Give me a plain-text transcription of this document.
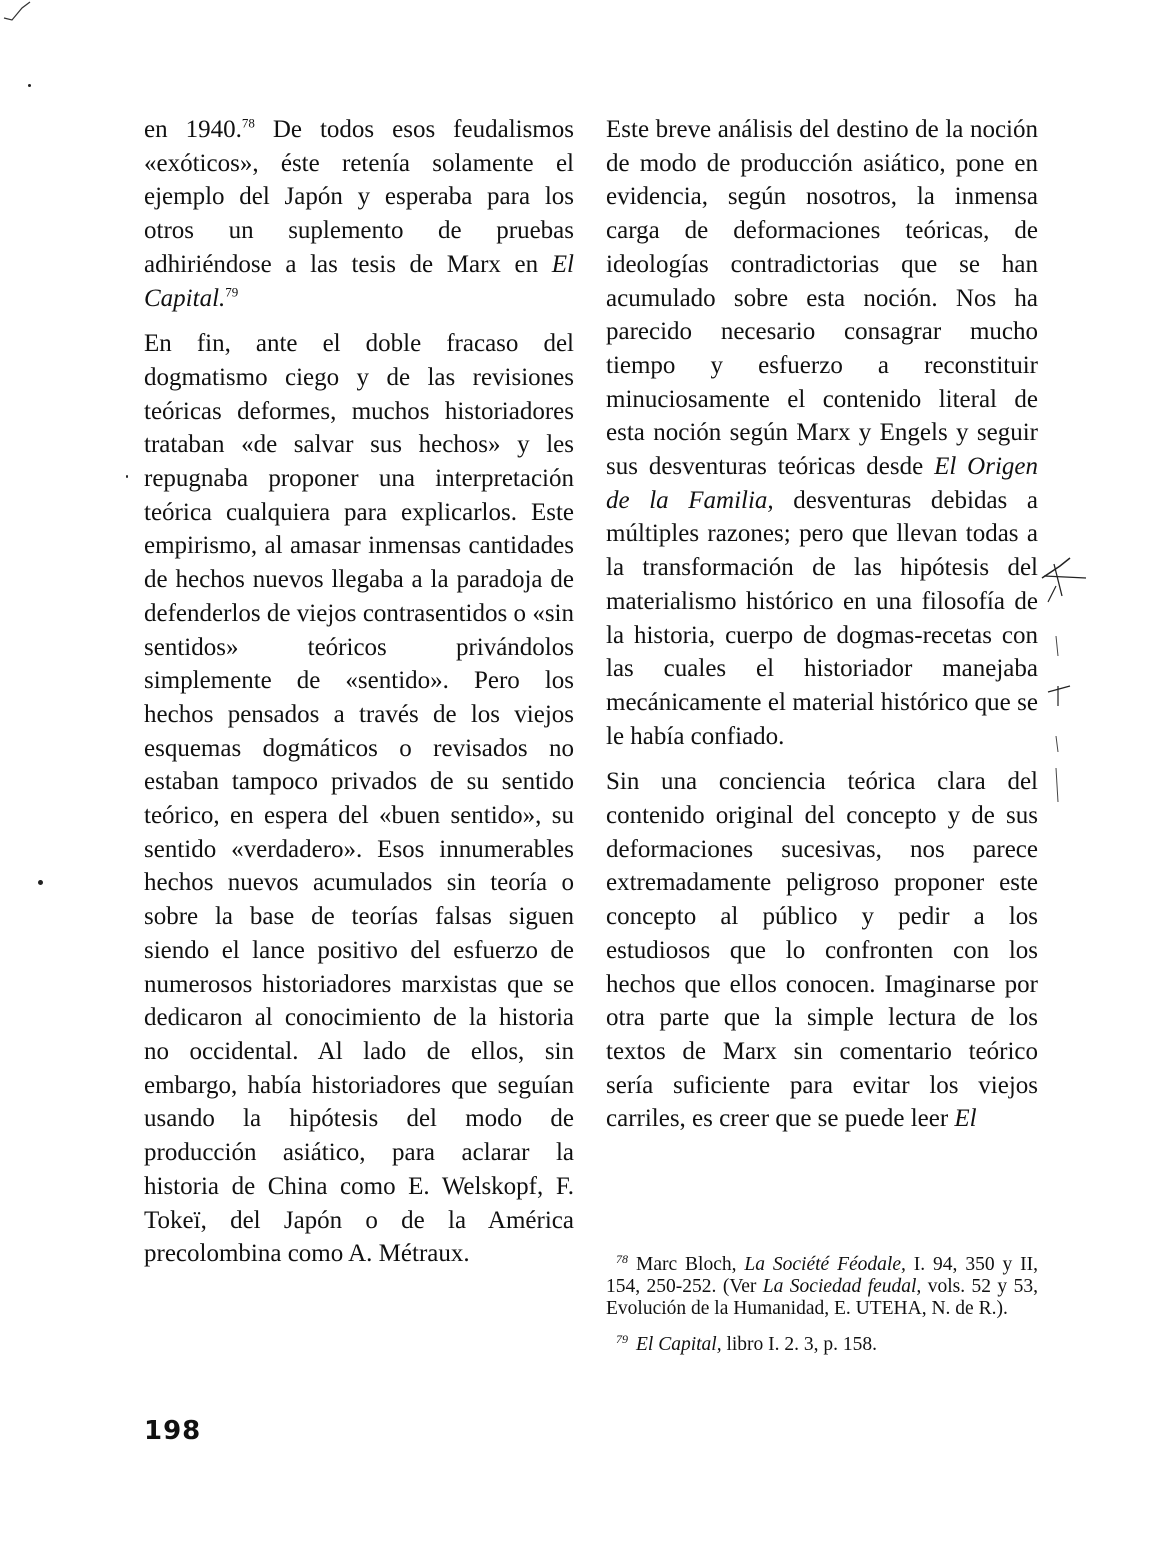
en 1940.78 De todos esos feudalismos «exóticos», éste retenía solamente el ejemplo del Japón y esperaba para los otros un suplemento de pruebas adhiriéndose a las tesis de Marx en El Capital.$^{79}$

En fin, ante el doble fracaso del dogmatismo ciego y de las revisiones teóricas deformes, muchos historiadores trataban «de salvar sus hechos» y les repugnaba proponer una interpretación teórica cualquiera para explicarlos. Este empirismo, al amasar inmensas cantidades de hechos nuevos llegaba a la paradoja de defenderlos de viejos contrasentidos o «sin sentidos» teóricos privándolos simplemente de «sentido». Pero los hechos pensados a través de los viejos esquemas dogmáticos o revisados no estaban tampoco privados de su sentido teórico, en espera del «buen sentido», su sentido «verdadero». Esos innumerables hechos nuevos acumulados sin teoría o sobre la base de teorías falsas siguen siendo el lance positivo del esfuerzo de numerosos historiadores marxistas que se dedicaron al conocimiento de la historia no occidental. Al lado de ellos, sin embargo, había historiadores que seguían usando la hipótesis del modo de producción asiático, para aclarar la historia de China como E. Welskopf, F. Tokeï, del Japón o de la América precolombina como A. Métraux.

Este breve análisis del destino de la noción de modo de producción asiático, pone en evidencia, según nosotros, la inmensa carga de deformaciones teóricas, de ideologías contradictorias que se han acumulado sobre esta noción. Nos ha parecido necesario consagrar mucho tiempo y esfuerzo a reconstituir minuciosamente el contenido literal de esta noción según Marx y Engels y seguir sus desventuras teóricas desde El Origen de la Familia, desventuras debidas a múltiples razones; pero que llevan todas a la transformación de las hipótesis del materialismo histórico en una filosofía de la historia, cuerpo de dogmas-recetas con las cuales el historiador manejaba mecánicamente el material histórico que se le había confiado.

Sin una conciencia teórica clara del contenido original del concepto y de sus deformaciones sucesivas, nos parece extremadamente peligroso proponer este concepto al público y pedir a los estudiosos que lo confronten con los hechos que ellos conocen. Imaginarse por otra parte que la simple lectura de los textos de Marx sin comentario teórico sería suficiente para evitar los viejos carriles, es creer que se puede leer El

$^{78}$ Marc Bloch, La Société Féodale, I. 94, 350 y II, 154, 250-252. (Ver La Sociedad feudal, vols. 52 y 53, Evolución de la Humanidad, E. UTEHA, N. de R.).

$^{79}$ El Capital, libro I. 2. 3, p. 158.

198
